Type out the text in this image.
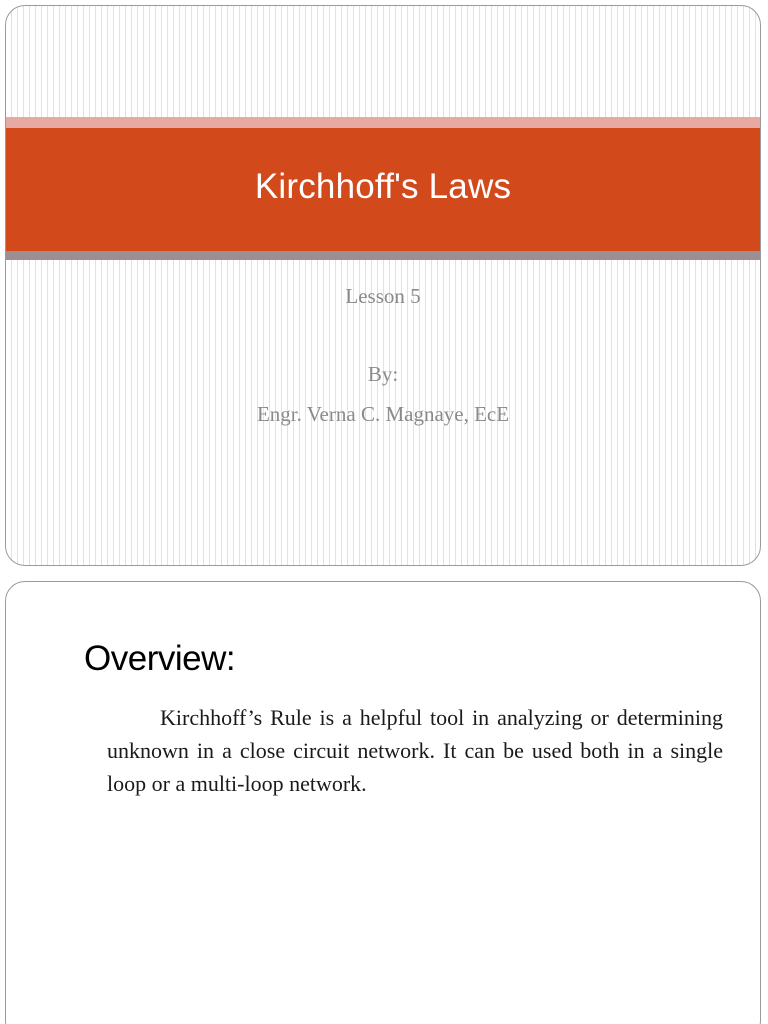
Kirchhoff's Laws
Lesson 5
By:
Engr. Verna C. Magnaye, EcE
Overview:

Kirchhoff’s Rule is a helpful tool in analyzing or determining unknown in a close circuit network. It can be used both in a single loop or a multi-loop network.
